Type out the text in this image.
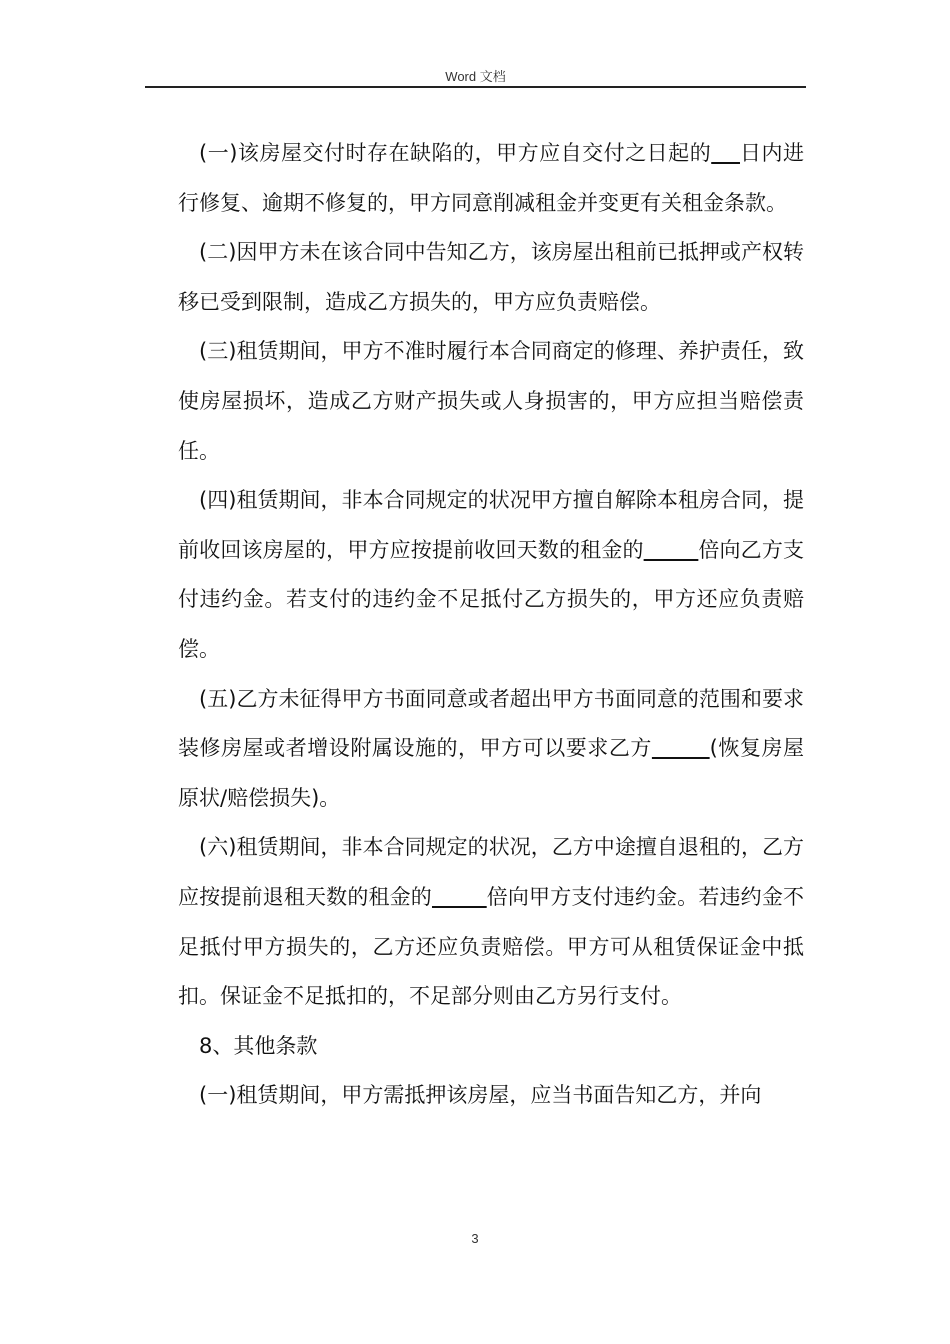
Word 文档

(一)该房屋交付时存在缺陷的，甲方应自交付之日起的 日内进行修复、逾期不修复的，甲方同意削减租金并变更有关租金条款。

(二)因甲方未在该合同中告知乙方，该房屋出租前已抵押或产权转移已受到限制，造成乙方损失的，甲方应负责赔偿。

(三)租赁期间，甲方不准时履行本合同商定的修理、养护责任，致使房屋损坏，造成乙方财产损失或人身损害的，甲方应担当赔偿责任。

(四)租赁期间，非本合同规定的状况甲方擅自解除本租房合同，提前收回该房屋的，甲方应按提前收回天数的租金的	倍向乙方支付违约金。若支付的违约金不足抵付乙方损失的，甲方还应负责赔偿。

(五)乙方未征得甲方书面同意或者超出甲方书面同意的范围和要求装修房屋或者增设附属设施的，甲方可以要求乙方	(恢复房屋原状/赔偿损失)。

(六)租赁期间，非本合同规定的状况，乙方中途擅自退租的，乙方应按提前退租天数的租金的	倍向甲方支付违约金。若违约金不足抵付甲方损失的，乙方还应负责赔偿。甲方可从租赁保证金中抵扣。保证金不足抵扣的，不足部分则由乙方另行支付。

8、其他条款

(一)租赁期间，甲方需抵押该房屋，应当书面告知乙方，并向

3
